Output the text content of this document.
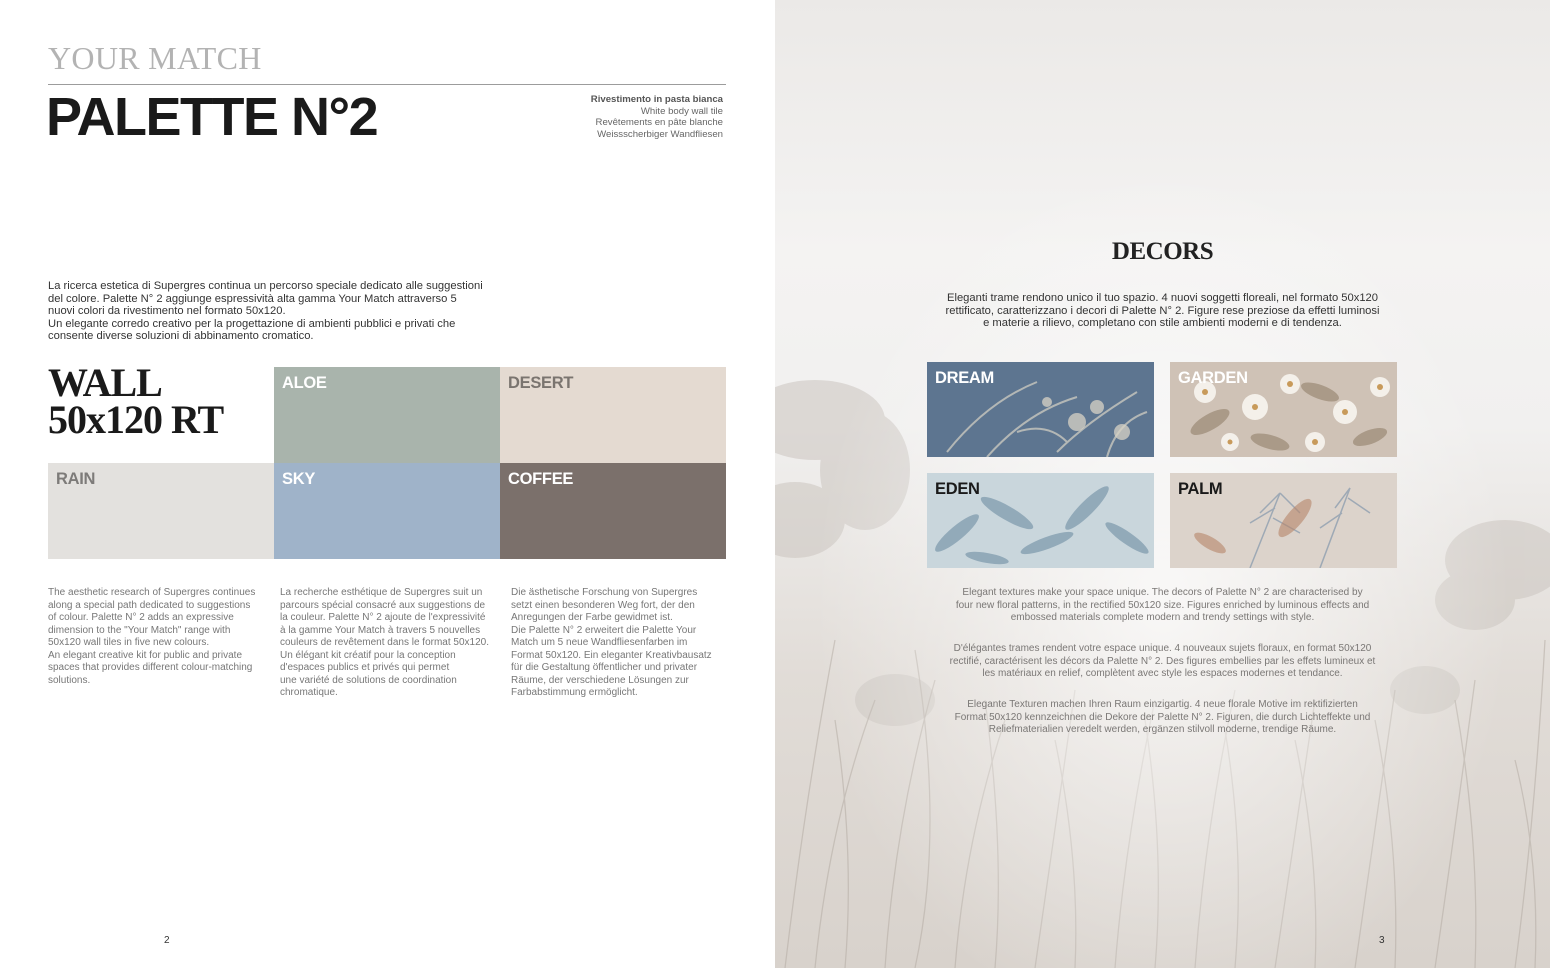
YOUR MATCH
PALETTE N°2	Rivestimento in pasta bianca
White body wall tile
Revêtements en pâte blanche
Weissscherbiger Wandfliesen

La ricerca estetica di Supergres continua un percorso speciale dedicato alle suggestioni
del colore. Palette N° 2 aggiunge espressività alta gamma Your Match attraverso 5
nuovi colori da rivestimento nel formato 50x120.
Un elegante corredo creativo per la progettazione di ambienti pubblici e privati che
consente diverse soluzioni di abbinamento cromatico.

WALL
50x120 RT
ALOE	DESERT
RAIN	SKY	COFFEE

The aesthetic research of Supergres continues
along a special path dedicated to suggestions
of colour. Palette N° 2 adds an expressive
dimension to the "Your Match" range with
50x120 wall tiles in five new colours.
An elegant creative kit for public and private
spaces that provides different colour-matching
solutions.

La recherche esthétique de Supergres suit un
parcours spécial consacré aux suggestions de
la couleur. Palette N° 2 ajoute de l'expressivité
à la gamme Your Match à travers 5 nouvelles
couleurs de revêtement dans le format 50x120.
Un élégant kit créatif pour la conception
d'espaces publics et privés qui permet
une variété de solutions de coordination
chromatique.

Die ästhetische Forschung von Supergres
setzt einen besonderen Weg fort, der den
Anregungen der Farbe gewidmet ist.
Die Palette N° 2 erweitert die Palette Your
Match um 5 neue Wandfliesenfarben im
Format 50x120. Ein eleganter Kreativbausatz
für die Gestaltung öffentlicher und privater
Räume, der verschiedene Lösungen zur
Farbabstimmung ermöglicht.

2
DECORS
Eleganti trame rendono unico il tuo spazio. 4 nuovi soggetti floreali, nel formato 50x120
rettificato, caratterizzano i decori di Palette N° 2. Figure rese preziose da effetti luminosi
e materie a rilievo, completano con stile ambienti moderni e di tendenza.
DREAM	GARDEN
EDEN	PALM
Elegant textures make your space unique. The decors of Palette N° 2 are characterised by
four new floral patterns, in the rectified 50x120 size. Figures enriched by luminous effects and
embossed materials complete modern and trendy settings with style.
D'élégantes trames rendent votre espace unique. 4 nouveaux sujets floraux, en format 50x120
rectifié, caractérisent les décors da Palette N° 2. Des figures embellies par les effets lumineux et
les matériaux en relief, complètent avec style les espaces modernes et tendance.
Elegante Texturen machen Ihren Raum einzigartig. 4 neue florale Motive im rektifizierten
Format 50x120 kennzeichnen die Dekore der Palette N° 2. Figuren, die durch Lichteffekte und
Reliefmaterialien veredelt werden, ergänzen stilvoll moderne, trendige Räume.
3
